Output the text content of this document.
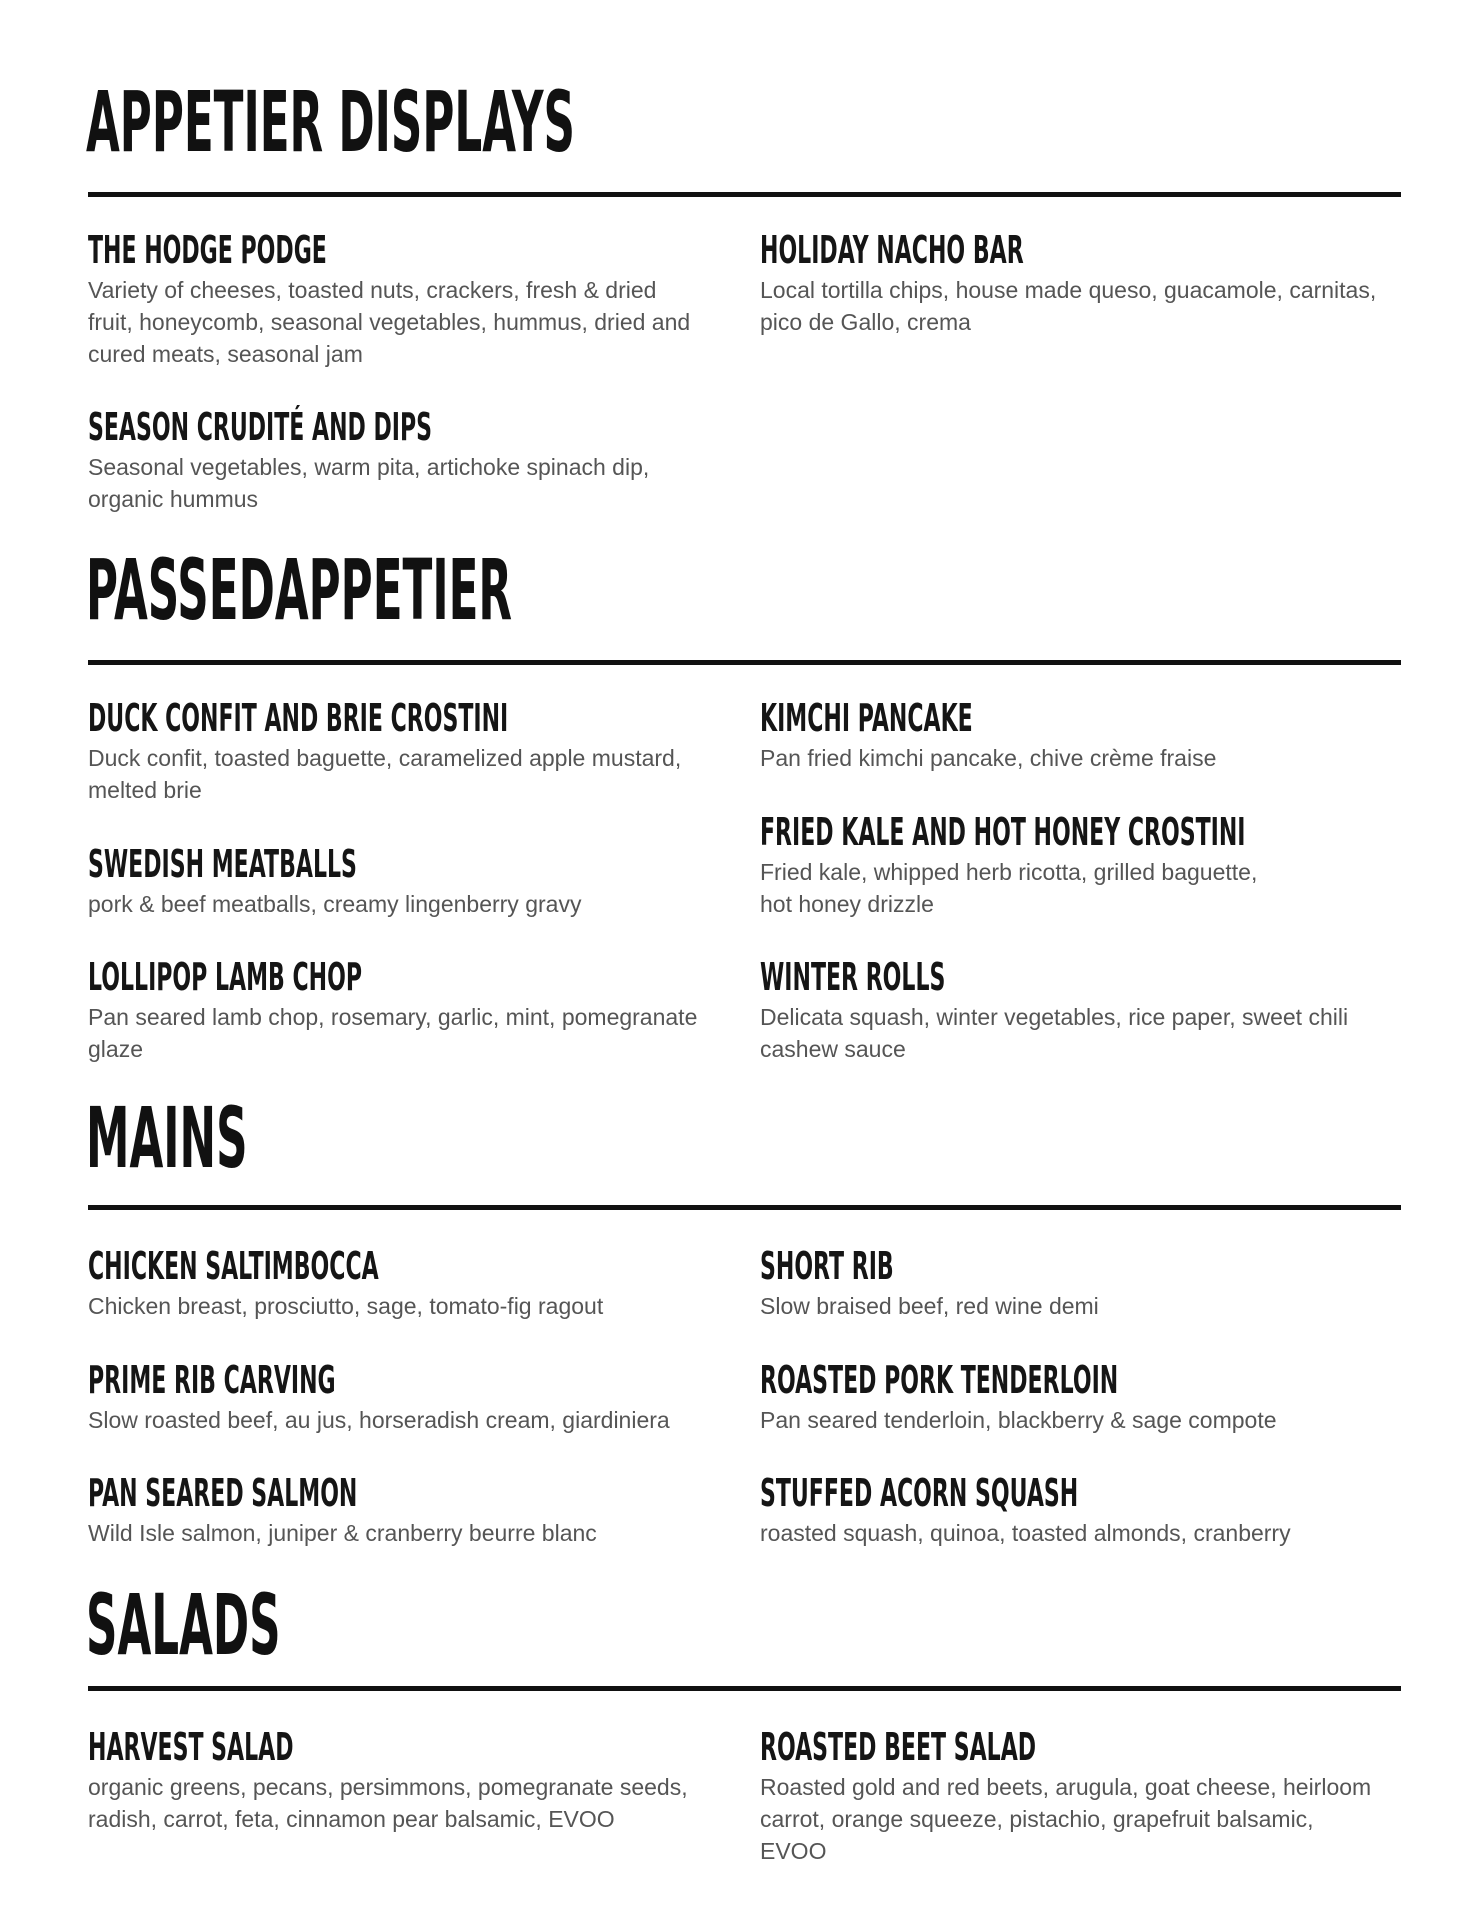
APPETIER DISPLAYS

THE HODGE PODGE

Variety of cheeses, toasted nuts, crackers, fresh & dried
fruit, honeycomb, seasonal vegetables, hummus, dried and
cured meats, seasonal jam

SEASON CRUDITÉ AND DIPS

Seasonal vegetables, warm pita, artichoke spinach dip,
organic hummus

HOLIDAY NACHO BAR

Local tortilla chips, house made queso, guacamole, carnitas,
pico de Gallo, crema

PASSEDAPPETIER

DUCK CONFIT AND BRIE CROSTINI

Duck confit, toasted baguette, caramelized apple mustard,
melted brie

SWEDISH MEATBALLS

pork & beef meatballs, creamy lingenberry gravy

LOLLIPOP LAMB CHOP

Pan seared lamb chop, rosemary, garlic, mint, pomegranate
glaze

KIMCHI PANCAKE

Pan fried kimchi pancake, chive crème fraise

FRIED KALE AND HOT HONEY CROSTINI

Fried kale, whipped herb ricotta, grilled baguette,
hot honey drizzle

WINTER ROLLS

Delicata squash, winter vegetables, rice paper, sweet chili
cashew sauce

MAINS

CHICKEN SALTIMBOCCA

Chicken breast, prosciutto, sage, tomato-fig ragout

PRIME RIB CARVING

Slow roasted beef, au jus, horseradish cream, giardiniera

PAN SEARED SALMON

Wild Isle salmon, juniper & cranberry beurre blanc

SHORT RIB

Slow braised beef, red wine demi

ROASTED PORK TENDERLOIN

Pan seared tenderloin, blackberry & sage compote

STUFFED ACORN SQUASH

roasted squash, quinoa, toasted almonds, cranberry

SALADS

HARVEST SALAD

organic greens, pecans, persimmons, pomegranate seeds,
radish, carrot, feta, cinnamon pear balsamic, EVOO

ROASTED BEET SALAD

Roasted gold and red beets, arugula, goat cheese, heirloom
carrot, orange squeeze, pistachio, grapefruit balsamic,
EVOO
